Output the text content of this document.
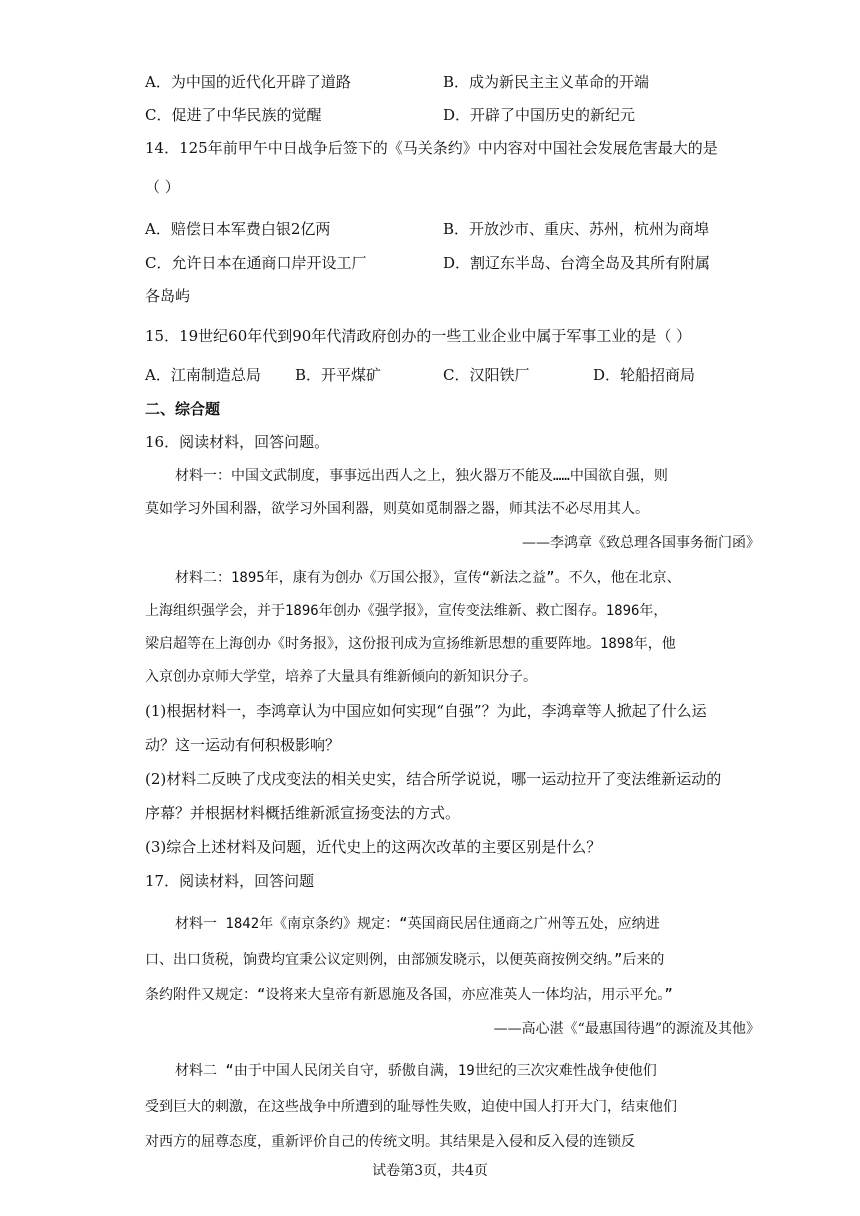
A．为中国的近代化开辟了道路	B．成为新民主主义革命的开端
C．促进了中华民族的觉醒	D．开辟了中国历史的新纪元
14．125年前甲午中日战争后签下的《马关条约》中内容对中国社会发展危害最大的是
（ ）
A．赔偿日本军费白银2亿两	B．开放沙市、重庆、苏州，杭州为商埠
C．允许日本在通商口岸开设工厂	D．割辽东半岛、台湾全岛及其所有附属
各岛屿
15．19世纪60年代到90年代清政府创办的一些工业企业中属于军事工业的是（ ）
A．江南制造总局 B．开平煤矿	C．汉阳铁厂	D．轮船招商局
二、综合题
16．阅读材料，回答问题。
材料一：中国文武制度，事事远出西人之上，独火器万不能及……中国欲自强，则
莫如学习外国利器，欲学习外国利器，则莫如觅制器之器，师其法不必尽用其人。
——李鸿章《致总理各国事务衙门函》
材料二：1895年，康有为创办《万国公报》，宣传“新法之益”。不久，他在北京、
上海组织强学会，并于1896年创办《强学报》，宣传变法维新、救亡图存。1896年，
梁启超等在上海创办《时务报》，这份报刊成为宣扬维新思想的重要阵地。1898年，他
入京创办京师大学堂，培养了大量具有维新倾向的新知识分子。
(1)根据材料一，李鸿章认为中国应如何实现“自强”？为此，李鸿章等人掀起了什么运
动？这一运动有何积极影响？
(2)材料二反映了戊戌变法的相关史实，结合所学说说，哪一运动拉开了变法维新运动的
序幕？并根据材料概括维新派宣扬变法的方式。
(3)综合上述材料及问题，近代史上的这两次改革的主要区别是什么？
17．阅读材料，回答问题
材料一 1842年《南京条约》规定：“英国商民居住通商之广州等五处，应纳进
口、出口货税，饷费均宜秉公议定则例，由部颁发晓示，以便英商按例交纳。”后来的
条约附件又规定：“设将来大皇帝有新恩施及各国，亦应准英人一体均沾，用示平允。”
——高心湛《“最惠国待遇”的源流及其他》
材料二 “由于中国人民闭关自守，骄傲自满，19世纪的三次灾难性战争使他们
受到巨大的刺激，在这些战争中所遭到的耻辱性失败，迫使中国人打开大门，结束他们
对西方的屈尊态度，重新评价自己的传统文明。其结果是入侵和反入侵的连锁反
试卷第3页，共4页
